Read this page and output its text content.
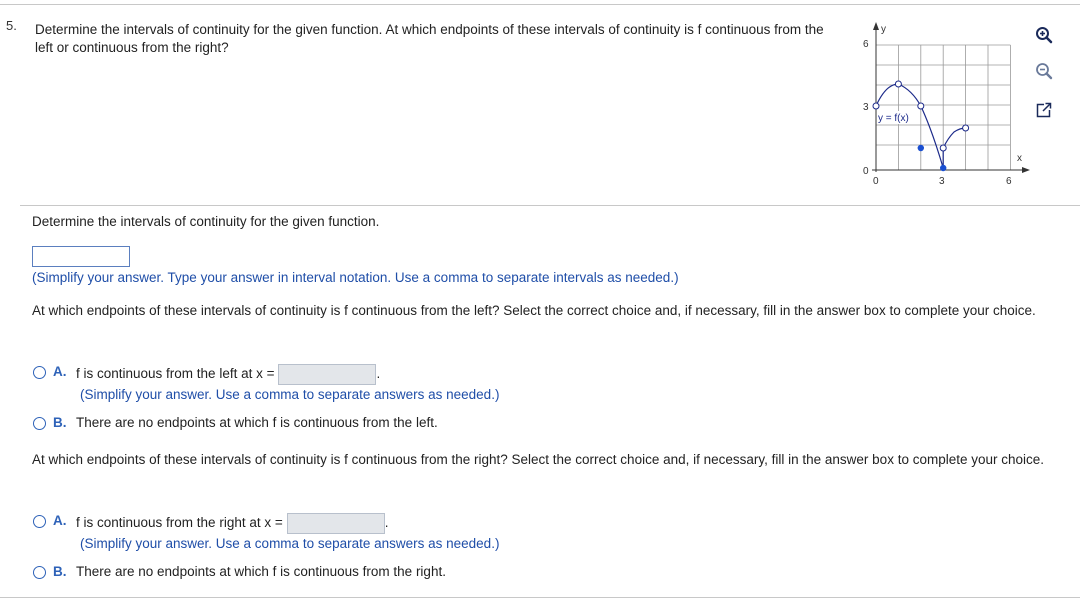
5. Determine the intervals of continuity for the given function. At which endpoints of these intervals of continuity is f continuous from the left or continuous from the right?
y
x
6
3
0
0	3	6
y = f(x)
Determine the intervals of continuity for the given function.
(Simplify your answer. Type your answer in interval notation. Use a comma to separate intervals as needed.)
At which endpoints of these intervals of continuity is f continuous from the left? Select the correct choice and, if necessary, fill in the answer box to complete your choice.
A. f is continuous from the left at x =	.
(Simplify your answer. Use a comma to separate answers as needed.)
B. There are no endpoints at which f is continuous from the left.
At which endpoints of these intervals of continuity is f continuous from the right? Select the correct choice and, if necessary, fill in the answer box to complete your choice.
A. f is continuous from the right at x =	.
(Simplify your answer. Use a comma to separate answers as needed.)
B. There are no endpoints at which f is continuous from the right.
